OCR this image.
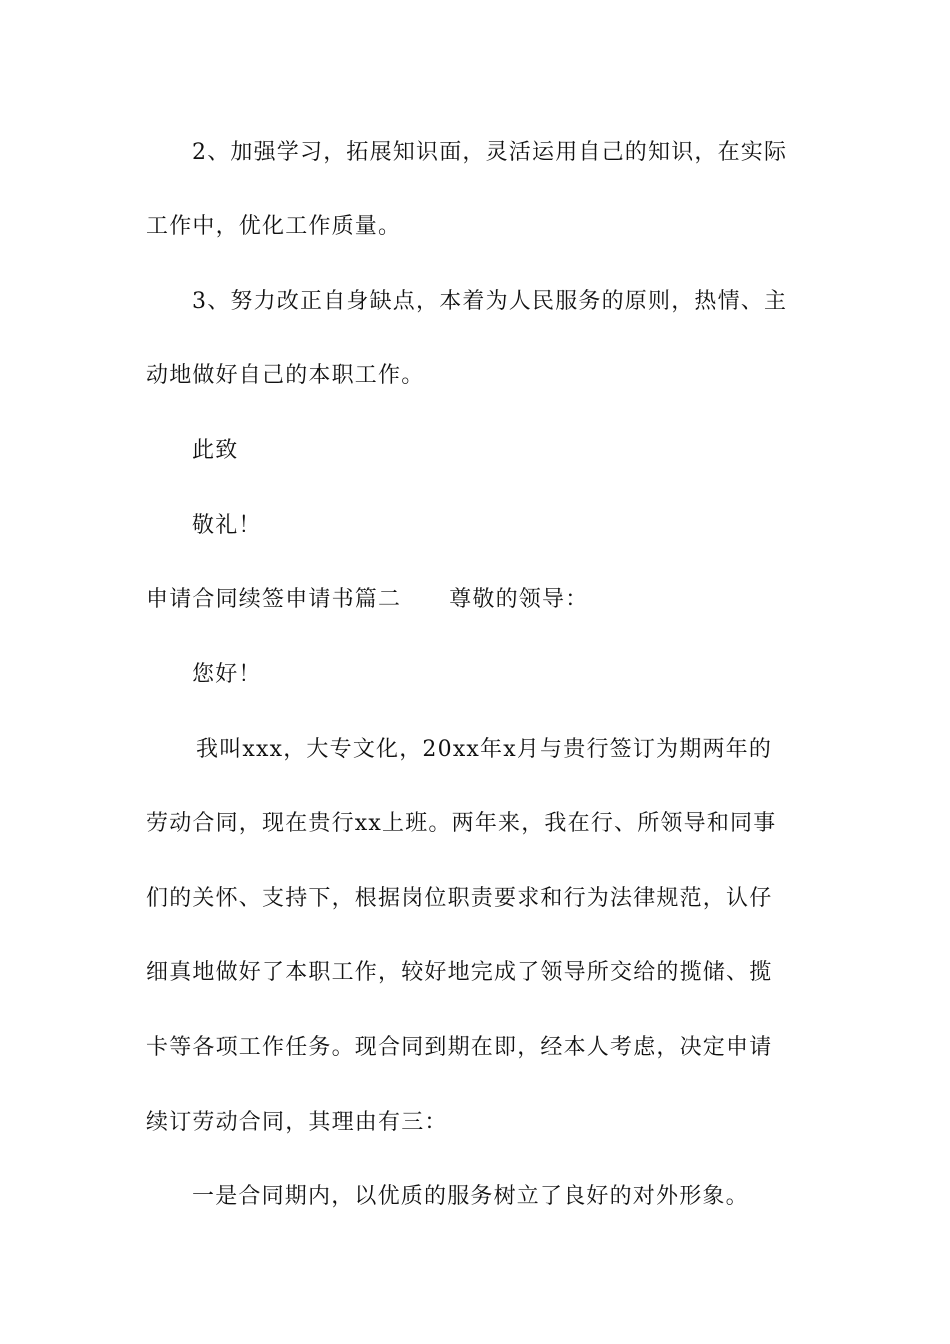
2、加强学习，拓展知识面，灵活运用自己的知识，在实际
工作中，优化工作质量。
3、努力改正自身缺点，本着为人民服务的原则，热情、主
动地做好自己的本职工作。
此致
敬礼！
申请合同续签申请书篇二 尊敬的领导：
您好！
我叫xxx，大专文化，20xx年x月与贵行签订为期两年的
劳动合同，现在贵行xx上班。两年来，我在行、所领导和同事
们的关怀、支持下，根据岗位职责要求和行为法律规范，认仔
细真地做好了本职工作，较好地完成了领导所交给的揽储、揽
卡等各项工作任务。现合同到期在即，经本人考虑，决定申请
续订劳动合同，其理由有三：
一是合同期内，以优质的服务树立了良好的对外形象。
